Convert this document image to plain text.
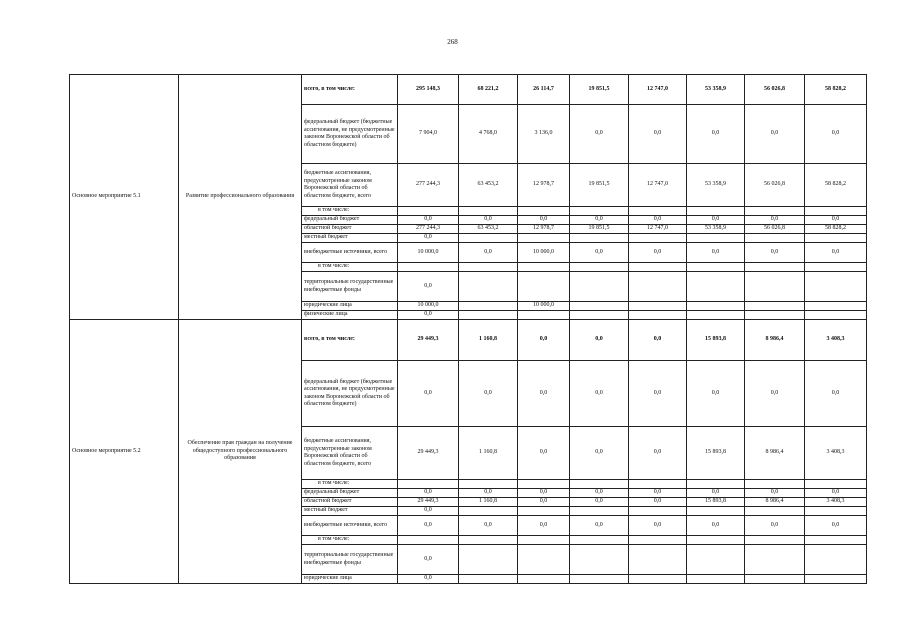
268
Основное мероприятие 5.1	Развитие профессионального образования	всего, в том числе:	295 148,3	68 221,2	26 114,7	19 851,5	12 747,0	53 358,9	56 026,8	58 828,2
		федеральный бюджет (бюджетные ассигнования, не предусмотренные законом Воронежской области об областном бюджете)	7 904,0	4 768,0	3 136,0	0,0	0,0	0,0	0,0	0,0
		бюджетные ассигнования, предусмотренные законом Воронежской области об областном бюджете, всего	277 244,3	63 453,2	12 978,7	19 851,5	12 747,0	53 358,9	56 026,8	58 828,2
		в том числе:								
		федеральный бюджет	0,0	0,0	0,0	0,0	0,0	0,0	0,0	0,0
		областной бюджет	277 244,3	63 453,2	12 978,7	19 851,5	12 747,0	53 358,9	56 026,8	58 828,2
		местный бюджет	0,0							
		внебюджетные источники, всего	10 000,0	0,0	10 000,0	0,0	0,0	0,0	0,0	0,0
		в том числе:								
		территориальные государственные внебюджетные фонды	0,0							
		юридические лица	10 000,0		10 000,0					
		физические лица	0,0							
Основное мероприятие 5.2	Обеспечение прав граждан на получение общедоступного профессионального образования	всего, в том числе:	29 449,3	1 160,8	0,0	0,0	0,0	15 893,8	8 986,4	3 408,3
		федеральный бюджет (бюджетные ассигнования, не предусмотренные законом Воронежской области об областном бюджете)	0,0	0,0	0,0	0,0	0,0	0,0	0,0	0,0
		бюджетные ассигнования, предусмотренные законом Воронежской области об областном бюджете, всего	29 449,3	1 160,8	0,0	0,0	0,0	15 893,8	8 986,4	3 408,3
		в том числе:								
		федеральный бюджет	0,0	0,0	0,0	0,0	0,0	0,0	0,0	0,0
		областной бюджет	29 449,3	1 160,8	0,0	0,0	0,0	15 893,8	8 986,4	3 408,3
		местный бюджет	0,0							
		внебюджетные источники, всего	0,0	0,0	0,0	0,0	0,0	0,0	0,0	0,0
		в том числе:								
		территориальные государственные внебюджетные фонды	0,0							
		юридические лица	0,0							
